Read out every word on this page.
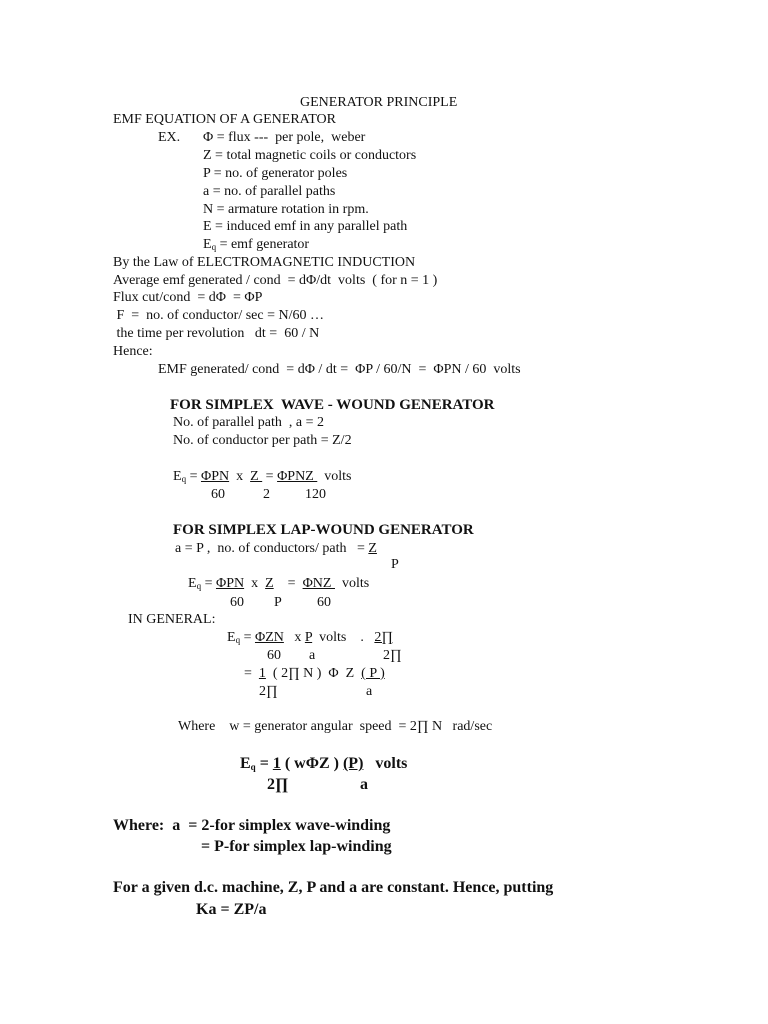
GENERATOR PRINCIPLE
EMF EQUATION OF A GENERATOR
EX. Φ = flux ---  per pole,  weber
Z = total magnetic coils or conductors
P = no. of generator poles
a = no. of parallel paths
N = armature rotation in rpm.
E = induced emf in any parallel path
$E_q$ = emf generator
By the Law of ELECTROMAGNETIC INDUCTION
Average emf generated / cond  = dΦ/dt  volts  ( for n = 1 )
Flux cut/cond  = dΦ  = ΦP
F  =  no. of conductor/ sec = N/60 …
the time per revolution   dt =  60 / N
Hence:
EMF generated/ cond  = dΦ / dt =  ΦP / 60/N  =  ΦPN / 60  volts
FOR SIMPLEX  WAVE - WOUND GENERATOR
No. of parallel path  , a = 2
No. of conductor per path = Z/2
$E_q = \Phi PN$  x  Z  = ΦPNZ   volts
60	2	120
FOR SIMPLEX LAP-WOUND GENERATOR
a = P ,  no. of conductors/ path   = Z
P
$E_q = \Phi PN$  x  Z    =  ΦNZ   volts
60 P	60
IN GENERAL:
$E_q = \Phi ZN$   x P  volts    . 2∏
60 a	2∏
=  1  ( 2∏ N )  Φ  Z  ( P )
2∏	a
Where    w = generator angular  speed  = 2∏ N   rad/sec
$E_q = 1$ ( wΦZ ) (P)   volts
2∏	a
Where:  a  = 2-for simplex wave-winding
= P-for simplex lap-winding
For a given d.c. machine, Z, P and a are constant. Hence, putting
Ka = ZP/a
